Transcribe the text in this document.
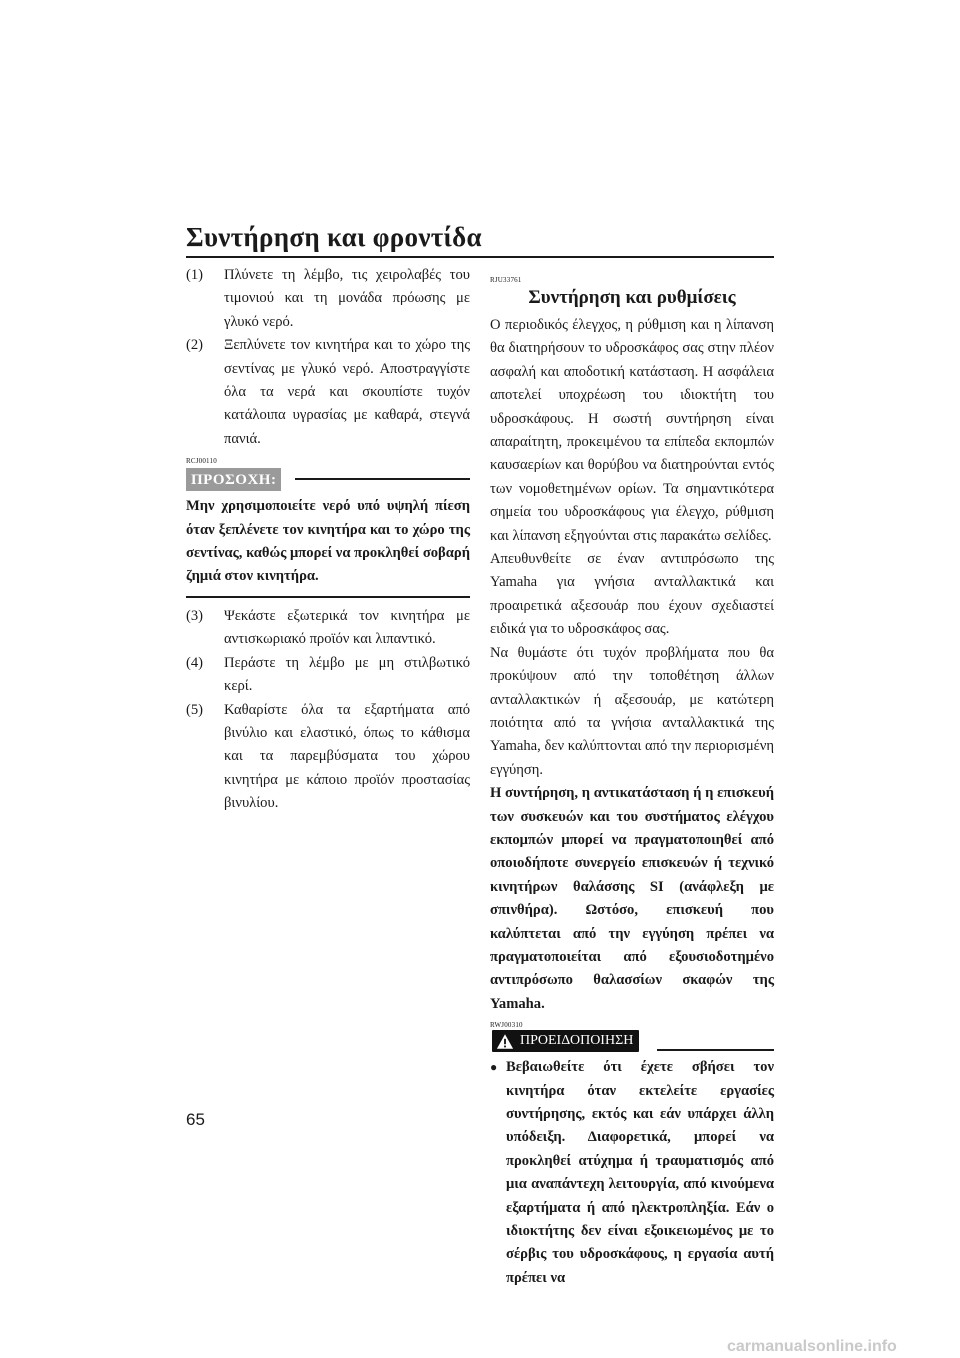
Συντήρηση και φροντίδα
(1)	Πλύνετε τη λέμβο, τις χειρολαβές του τιμονιού και τη μονάδα πρόωσης με γλυκό νερό.
(2)	Ξεπλύνετε τον κινητήρα και το χώρο της σεντίνας με γλυκό νερό. Αποστραγγίστε όλα τα νερά και σκουπίστε τυχόν κατάλοιπα υγρασίας με καθαρά, στεγνά πανιά.
RCJ00110
ΠΡΟΣΟΧΗ:
Μην χρησιμοποιείτε νερό υπό υψηλή πίεση όταν ξεπλένετε τον κινητήρα και το χώρο της σεντίνας, καθώς μπορεί να προκληθεί σοβαρή ζημιά στον κινητήρα.
(3)	Ψεκάστε εξωτερικά τον κινητήρα με αντισκωριακό προϊόν και λιπαντικό.
(4)	Περάστε τη λέμβο με μη στιλβωτικό κερί.
(5)	Καθαρίστε όλα τα εξαρτήματα από βινύλιο και ελαστικό, όπως το κάθισμα και τα παρεμβύσματα του χώρου κινητήρα με κάποιο προϊόν προστασίας βινυλίου.
RJU33761
Συντήρηση και ρυθμίσεις
Ο περιοδικός έλεγχος, η ρύθμιση και η λίπανση θα διατηρήσουν το υδροσκάφος σας στην πλέον ασφαλή και αποδοτική κατάσταση. Η ασφάλεια αποτελεί υποχρέωση του ιδιοκτήτη του υδροσκάφους. Η σωστή συντήρηση είναι απαραίτητη, προκειμένου τα επίπεδα εκπομπών καυσαερίων και θορύβου να διατηρούνται εντός των νομοθετημένων ορίων. Τα σημαντικότερα σημεία του υδροσκάφους για έλεγχο, ρύθμιση και λίπανση εξηγούνται στις παρακάτω σελίδες.
Απευθυνθείτε σε έναν αντιπρόσωπο της Yamaha για γνήσια ανταλλακτικά και προαιρετικά αξεσουάρ που έχουν σχεδιαστεί ειδικά για το υδροσκάφος σας.
Να θυμάστε ότι τυχόν προβλήματα που θα προκύψουν από την τοποθέτηση άλλων ανταλλακτικών ή αξεσουάρ, με κατώτερη ποιότητα από τα γνήσια ανταλλακτικά της Yamaha, δεν καλύπτονται από την περιορισμένη εγγύηση.
Η συντήρηση, η αντικατάσταση ή η επισκευή των συσκευών και του συστήματος ελέγχου εκπομπών μπορεί να πραγματοποιηθεί από οποιοδήποτε συνεργείο επισκευών ή τεχνικό κινητήρων θαλάσσης SI (ανάφλεξη με σπινθήρα). Ωστόσο, επισκευή που καλύπτεται από την εγγύηση πρέπει να πραγματοποιείται από εξουσιοδοτημένο αντιπρόσωπο θαλασσίων σκαφών της Yamaha.
RWJ00310
ΠΡΟΕΙΔΟΠΟΙΗΣΗ
● Βεβαιωθείτε ότι έχετε σβήσει τον κινητήρα όταν εκτελείτε εργασίες συντήρησης, εκτός και εάν υπάρχει άλλη υπόδειξη. Διαφορετικά, μπορεί να προκληθεί ατύχημα ή τραυματισμός από μια αναπάντεχη λειτουργία, από κινούμενα εξαρτήματα ή από ηλεκτροπληξία. Εάν ο ιδιοκτήτης δεν είναι εξοικειωμένος με το σέρβις του υδροσκάφους, η εργασία αυτή πρέπει να
65
carmanualsonline.info
